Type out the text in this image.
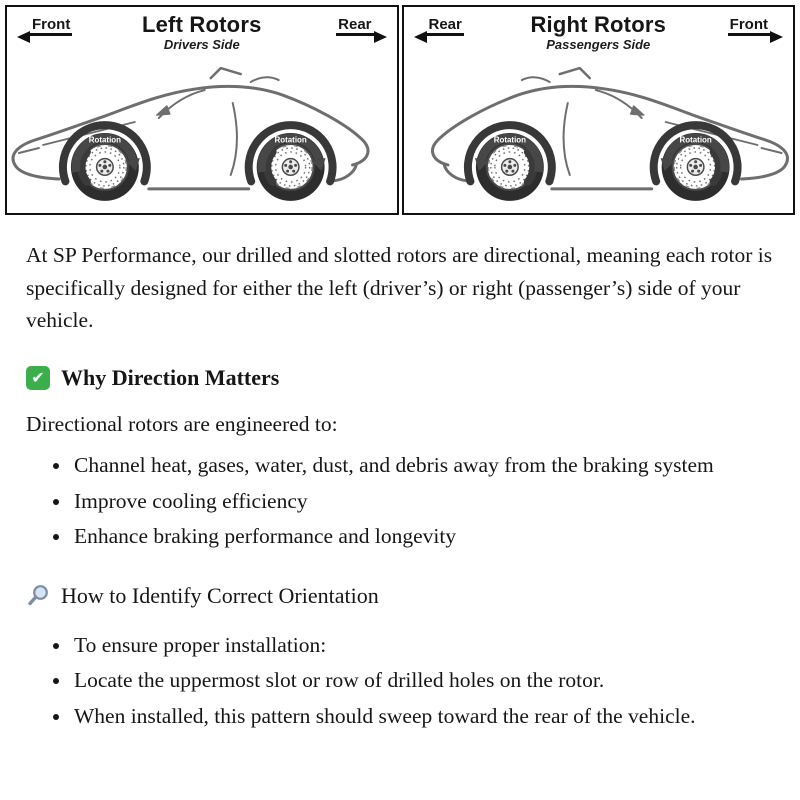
Front	Left Rotors
Drivers Side
Rear
Rotation	Rotation
Rear	Right Rotors
Passengers Side
Front
Rotation
Rotation

At SP Performance, our drilled and slotted rotors are directional, meaning each rotor is specifically designed for either the left (driver’s) or right (passenger’s) side of your vehicle.

✔ Why Direction Matters

Directional rotors are engineered to:

• Channel heat, gases, water, dust, and debris away from the braking system
• Improve cooling efficiency
• Enhance braking performance and longevity
How to Identify Correct Orientation
• To ensure proper installation:
• Locate the uppermost slot or row of drilled holes on the rotor.
• When installed, this pattern should sweep toward the rear of the vehicle.
